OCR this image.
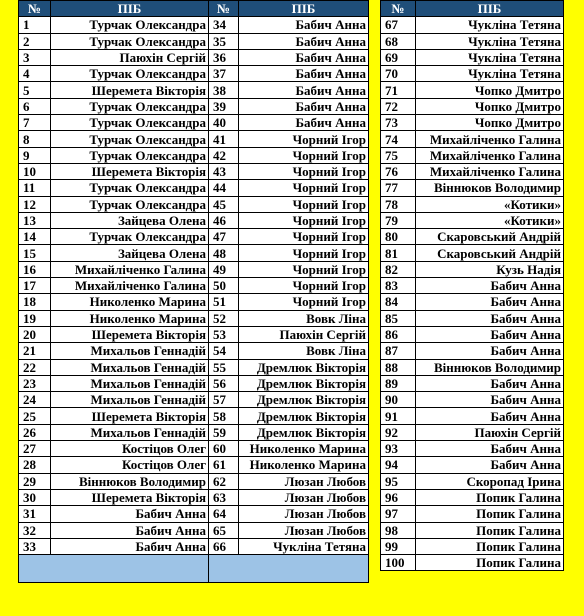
№	ПІБ
1	Турчак Олександра
2	Турчак Олександра
3	Паюхін Сергій
4	Турчак Олександра
5	Шеремета Вікторія
6	Турчак Олександра
7	Турчак Олександра
8	Турчак Олександра
9	Турчак Олександра
10	Шеремета Вікторія
11	Турчак Олександра
12	Турчак Олександра
13	Зайцева Олена
14	Турчак Олександра
15	Зайцева Олена
16	Михайліченко Галина
17	Михайліченко Галина
18	Николенко Марина
19	Николенко Марина
20	Шеремета Вікторія
21	Михальов Геннадій
22	Михальов Геннадій
23	Михальов Геннадій
24	Михальов Геннадій
25	Шеремета Вікторія
26	Михальов Геннадій
27	Костіцов Олег
28	Костіцов Олег
29	Віннюков Володимир
30	Шеремета Вікторія
31	Бабич Анна
32	Бабич Анна
33	Бабич Анна

№	ПІБ
34	Бабич Анна
35	Бабич Анна
36	Бабич Анна
37	Бабич Анна
38	Бабич Анна
39	Бабич Анна
40	Бабич Анна
41	Чорний Ігор
42	Чорний Ігор
43	Чорний Ігор
44	Чорний Ігор
45	Чорний Ігор
46	Чорний Ігор
47	Чорний Ігор
48	Чорний Ігор
49	Чорний Ігор
50	Чорний Ігор
51	Чорний Ігор
52	Вовк Ліна
53	Паюхін Сергій
54	Вовк Ліна
55	Дремлюк Вікторія
56	Дремлюк Вікторія
57	Дремлюк Вікторія
58	Дремлюк Вікторія
59	Дремлюк Вікторія
60	Николенко Марина
61	Николенко Марина
62	Люзан Любов
63	Люзан Любов
64	Люзан Любов
65	Люзан Любов
66	Чукліна Тетяна

№	ПІБ
67	Чукліна Тетяна
68	Чукліна Тетяна
69	Чукліна Тетяна
70	Чукліна Тетяна
71	Чопко Дмитро
72	Чопко Дмитро
73	Чопко Дмитро
74	Михайліченко Галина
75	Михайліченко Галина
76	Михайліченко Галина
77	Віннюков Володимир
78	«Котики»
79	«Котики»
80	Скаровський Андрій
81	Скаровський Андрій
82	Кузь Надія
83	Бабич Анна
84	Бабич Анна
85	Бабич Анна
86	Бабич Анна
87	Бабич Анна
88	Віннюков Володимир
89	Бабич Анна
90	Бабич Анна
91	Бабич Анна
92	Паюхін Сергій
93	Бабич Анна
94	Бабич Анна
95	Скоропад Ірина
96	Попик Галина
97	Попик Галина
98	Попик Галина
99	Попик Галина
100	Попик Галина
